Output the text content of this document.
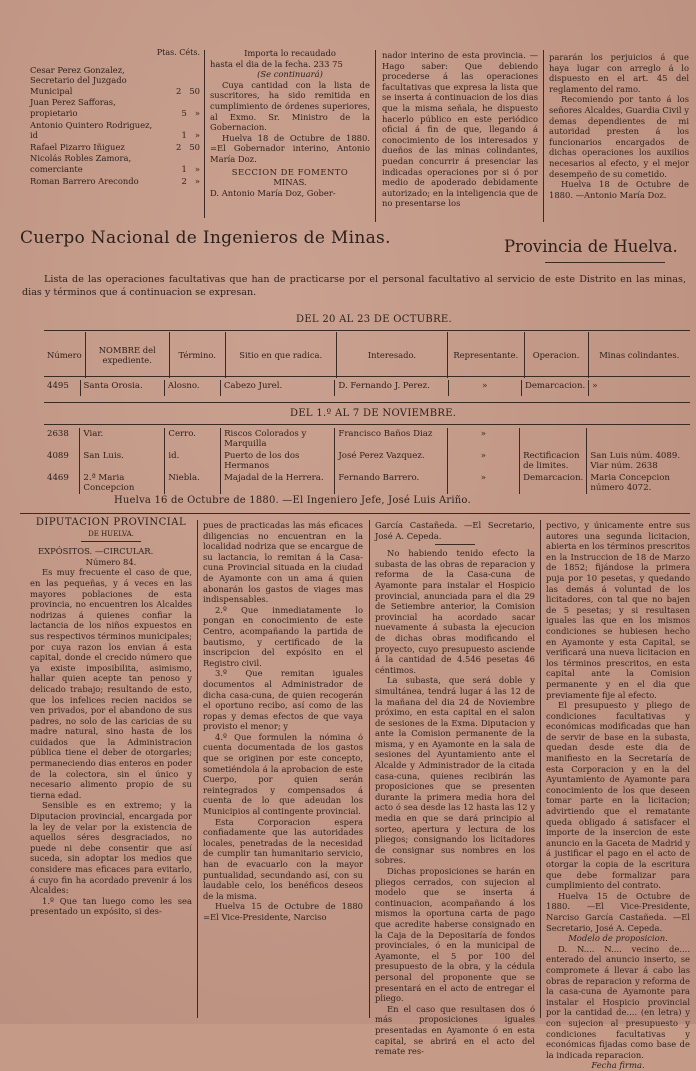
Ptas. Céts.
Cesar Perez Gonzalez, Secretario del Juzgado Municipal	2   50
Juan Perez Safforas, propietario	5   »
Antonio Quintero Rodriguez, id	1   »
Rafael Pizarro Iñiguez	2   50
Nicolás Robles Zamora, comerciante	1   »
Roman Barrero Arecondo	2   »

Importa lo recaudado

hasta el dia de la fecha. 233 75

(Se continuará)

Cuya cantidad con la lista de suscritores, ha sido remitida en cumplimiento de órdenes superiores, al Exmo. Sr. Ministro de la Gobernacion.

Huelva 18 de Octubre de 1880. =El Gobernador interino, Antonio María Doz.

SECCION DE FOMENTO

MINAS.

D. Antonio María Doz, Gober-

nador interino de esta provincia. —Hago saber: Que debiendo procederse á las operaciones facultativas que expresa la lista que se inserta á continuacion de los dias que la misma señala, he dispuesto hacerlo público en este periódico oficial á fin de que, llegando á conocimiento de los interesados y dueños de las minas colindantes, puedan concurrir á presenciar las indicadas operaciones por si ó por medio de apoderado debidamente autorizado; en la inteligencia que de no presentarse los

pararán los perjuicios á que haya lugar con arreglo á lo dispuesto en el art. 45 del reglamento del ramo.

Recomiendo por tanto á los señores Alcaldes, Guardia Civil y demas dependientes de mi autoridad presten á los funcionarios encargados de dichas operaciones los auxilios necesarios al efecto, y el mejor desempeño de su cometido.

Huelva 18 de Octubre de 1880. —Antonio María Doz.

Cuerpo Nacional de Ingenieros de Minas.	Provincia de Huelva.
Lista de las operaciones facultativas que han de practicarse por el personal facultativo al servicio de este Distrito en las minas, dias y términos que á continuacion se expresan.
DEL 20 AL 23 DE OCTUBRE.
Número	NOMBRE del expediente.	Término.	Sitio en que radica.	Interesado.	Representante.	Operacion.	Minas colindantes.
4495	Santa Orosia.	Alosno.	Cabezo Jurel.	D. Fernando J. Perez.	»	Demarcacion.	»
DEL 1.º AL 7 DE NOVIEMBRE.
2638	Viar.	Cerro.	Riscos Colorados y Marquilla	Francisco Baños Diaz	»		
4089	San Luis.	id.	Puerto de los dos Hermanos	José Perez Vazquez.	»	Rectificacion de limites.	San Luis núm. 4089. Viar núm. 2638
4469	2.ª Maria Concepcion	Niebla.	Majadal de la Herrera.	Fernando Barrero.	»	Demarcacion.	Maria Concepcion número 4072.
Huelva 16 de Octubre de 1880. —El Ingeniero Jefe, José Luis Ariño.

DIPUTACION PROVINCIAL

DE HUELVA.

EXPÓSITOS. —CIRCULAR.

Número 84.

Es muy frecuente el caso de que, en las pequeñas, y á veces en las mayores poblaciones de esta provincia, no encuentren los Alcaldes nodrizas á quienes confiar la lactancia de los niños expuestos en sus respectivos términos municipales; por cuya razon los envian á esta capital, donde el crecido número que ya existe imposibilita, asimismo, hallar quien acepte tan penoso y delicado trabajo; resultando de esto, que los infelices recien nacidos se ven privados, por el abandono de sus padres, no solo de las caricias de su madre natural, sino hasta de los cuidados que la Administracion pública tiene el deber de otorgarles; permaneciendo dias enteros en poder de la colectora, sin el único y necesario alimento propio de su tierna edad.

Sensible es en extremo; y la Diputacion provincial, encargada por la ley de velar por la existencia de aquellos séres desgraciados, no puede ni debe consentir que así suceda, sin adoptar los medios que considere mas eficaces para evitarlo, á cuyo fin ha acordado prevenir á los Alcaldes:

1.º Que tan luego como les sea presentado un expósito, si des-

pues de practicadas las más eficaces diligencias no encuentran en la localidad nodriza que se encargue de su lactancia, lo remitan á la Casa-cuna Provincial situada en la ciudad de Ayamonte con un ama á quien abonarán los gastos de viages mas indispensables.

2.º Que inmediatamente lo pongan en conocimiento de este Centro, acompañando la partida de bautismo, y certificado de la inscripcion del expósito en el Registro civil.

3.º Que remitan iguales documentos al Administrador de dicha casa-cuna, de quien recogerán el oportuno recibo, así como de las ropas y demas efectos de que vaya provisto el menor; y

4.º Que formulen la nómina ó cuenta documentada de los gastos que se originen por este concepto, sometiéndola á la aprobacion de este Cuerpo, por quien serán reintegrados y compensados á cuenta de lo que adeudan los Municipios al contingente provincial.

Esta Corporacion espera confiadamente que las autoridades locales, penetradas de la necesidad de cumplir tan humanitario servicio, han de evacuarlo con la mayor puntualidad, secundando así, con su laudable celo, los benéficos deseos de la misma.

Huelva 15 de Octubre de 1880 =El Vice-Presidente, Narciso

García Castañeda. —El Secretario, José A. Cepeda.

No habiendo tenido efecto la subasta de las obras de reparacion y reforma de la Casa-cuna de Ayamonte para instalar el Hospicio provincial, anunciada para el dia 29 de Setiembre anterior, la Comision provincial ha acordado sacar nuevamente á subasta la ejecucion de dichas obras modificando el proyecto, cuyo presupuesto asciende á la cantidad de 4.546 pesetas 46 céntimos.

La subasta, que será doble y simultánea, tendrá lugar á las 12 de la mañana del dia 24 de Noviembre próximo, en esta capital en el salon de sesiones de la Exma. Diputacion y ante la Comision permanente de la misma, y en Ayamonte en la sala de sesiones del Ayuntamiento ante el Alcalde y Administrador de la citada casa-cuna, quienes recibirán las proposiciones que se presenten durante la primera media hora del acto ó sea desde las 12 hasta las 12 y media en que se dará principio al sorteo, apertura y lectura de los pliegos; consignando los licitadores de consignar sus nombres en los sobres.

Dichas proposiciones se harán en pliegos cerrados, con sujecion al modelo que se inserta á continuacion, acompañando á los mismos la oportuna carta de pago que acredite haberse consignado en la Caja de la Depositaría de fondos provinciales, ó en la municipal de Ayamonte, el 5 por 100 del presupuesto de la obra, y la cédula personal del proponente que se presentará en el acto de entregar el pliego.

En el caso que resultasen dos ó más proposiciones iguales presentadas en Ayamonte ó en esta capital, se abrirá en el acto del remate res-

pectivo, y únicamente entre sus autores una segunda licitacion, abierta en los términos prescritos en la Instruccion de 18 de Marzo de 1852; fijándose la primera puja por 10 pesetas, y quedando las demás á voluntad de los licitadores, con tal que no bajen de 5 pesetas; y si resultasen iguales las que en los mismos condiciones se hubiesen hecho en Ayamonte y esta Capital, se verificará una nueva licitacion en los términos prescritos, en esta capital ante la Comision permanente y en el dia que previamente fije al efecto.

El presupuesto y pliego de condiciones facultativas y económicas modificadas que han de servir de base en la subasta, quedan desde este dia de manifiesto en la Secretaría de esta Corporacion y en la del Ayuntamiento de Ayamonte para conocimiento de los que deseen tomar parte en la licitacion; advirtiendo que el rematante queda obligado á satisfacer el importe de la insercion de este anuncio en la Gaceta de Madrid y á justificar el pago en el acto de otorgar la copia de la escritura que debe formalizar para cumplimiento del contrato.

Huelva 15 de Octubre de 1880. —El Vice-Presidente, Narciso García Castañeda. —El Secretario, José A. Cepeda.

Modelo de proposicion.

D. N.... N.... vecino de.... enterado del anuncio inserto, se compromete á llevar á cabo las obras de reparacion y reforma de la casa-cuna de Ayamonte para instalar el Hospicio provincial por la cantidad de.... (en letra) y con sujecion al presupuesto y condiciones facultativas y económicas fijadas como base de la indicada reparacion.

Fecha firma.
